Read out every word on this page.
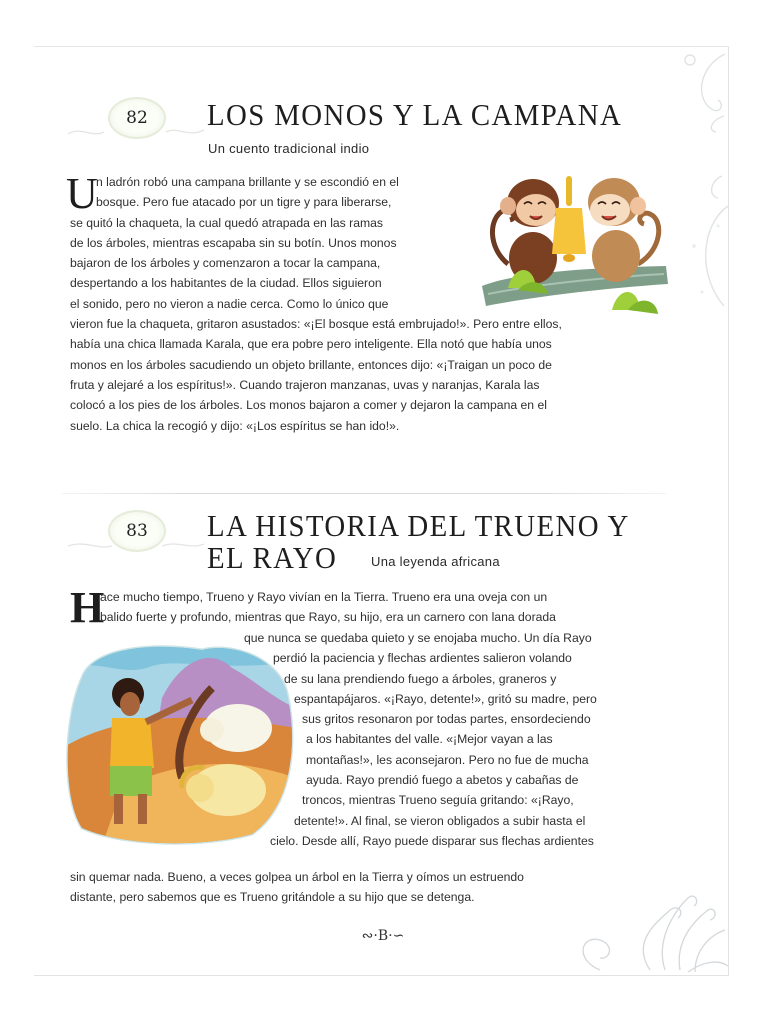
82 LOS MONOS Y LA CAMPANA
Un cuento tradicional indio
U
n ladrón robó una campana brillante y se escondió en el
bosque. Pero fue atacado por un tigre y para liberarse,
se quitó la chaqueta, la cual quedó atrapada en las ramas
de los árboles, mientras escapaba sin su botín. Unos monos
bajaron de los árboles y comenzaron a tocar la campana,
despertando a los habitantes de la ciudad. Ellos siguieron
el sonido, pero no vieron a nadie cerca. Como lo único que
vieron fue la chaqueta, gritaron asustados: «¡El bosque está embrujado!». Pero entre ellos,
había una chica llamada Karala, que era pobre pero inteligente. Ella notó que había unos
monos en los árboles sacudiendo un objeto brillante, entonces dijo: «¡Traigan un poco de
fruta y alejaré a los espíritus!». Cuando trajeron manzanas, uvas y naranjas, Karala las
colocó a los pies de los árboles. Los monos bajaron a comer y dejaron la campana en el
suelo. La chica la recogió y dijo: «¡Los espíritus se han ido!».
83 LA HISTORIA DEL TRUENO Y
EL RAYO	Una leyenda africana
H
ace mucho tiempo, Trueno y Rayo vivían en la Tierra. Trueno era una oveja con un
balido fuerte y profundo, mientras que Rayo, su hijo, era un carnero con lana dorada
que nunca se quedaba quieto y se enojaba mucho. Un día Rayo
perdió la paciencia y flechas ardientes salieron volando
de su lana prendiendo fuego a árboles, graneros y
espantapájaros. «¡Rayo, detente!», gritó su madre, pero
sus gritos resonaron por todas partes, ensordeciendo
a los habitantes del valle. «¡Mejor vayan a las
montañas!», les aconsejaron. Pero no fue de mucha
ayuda. Rayo prendió fuego a abetos y cabañas de
troncos, mientras Trueno seguía gritando: «¡Rayo,
detente!». Al final, se vieron obligados a subir hasta el
cielo. Desde allí, Rayo puede disparar sus flechas ardientes
sin quemar nada. Bueno, a veces golpea un árbol en la Tierra y oímos un estruendo
distante, pero sabemos que es Trueno gritándole a su hijo que se detenga.
∾·B·∽
